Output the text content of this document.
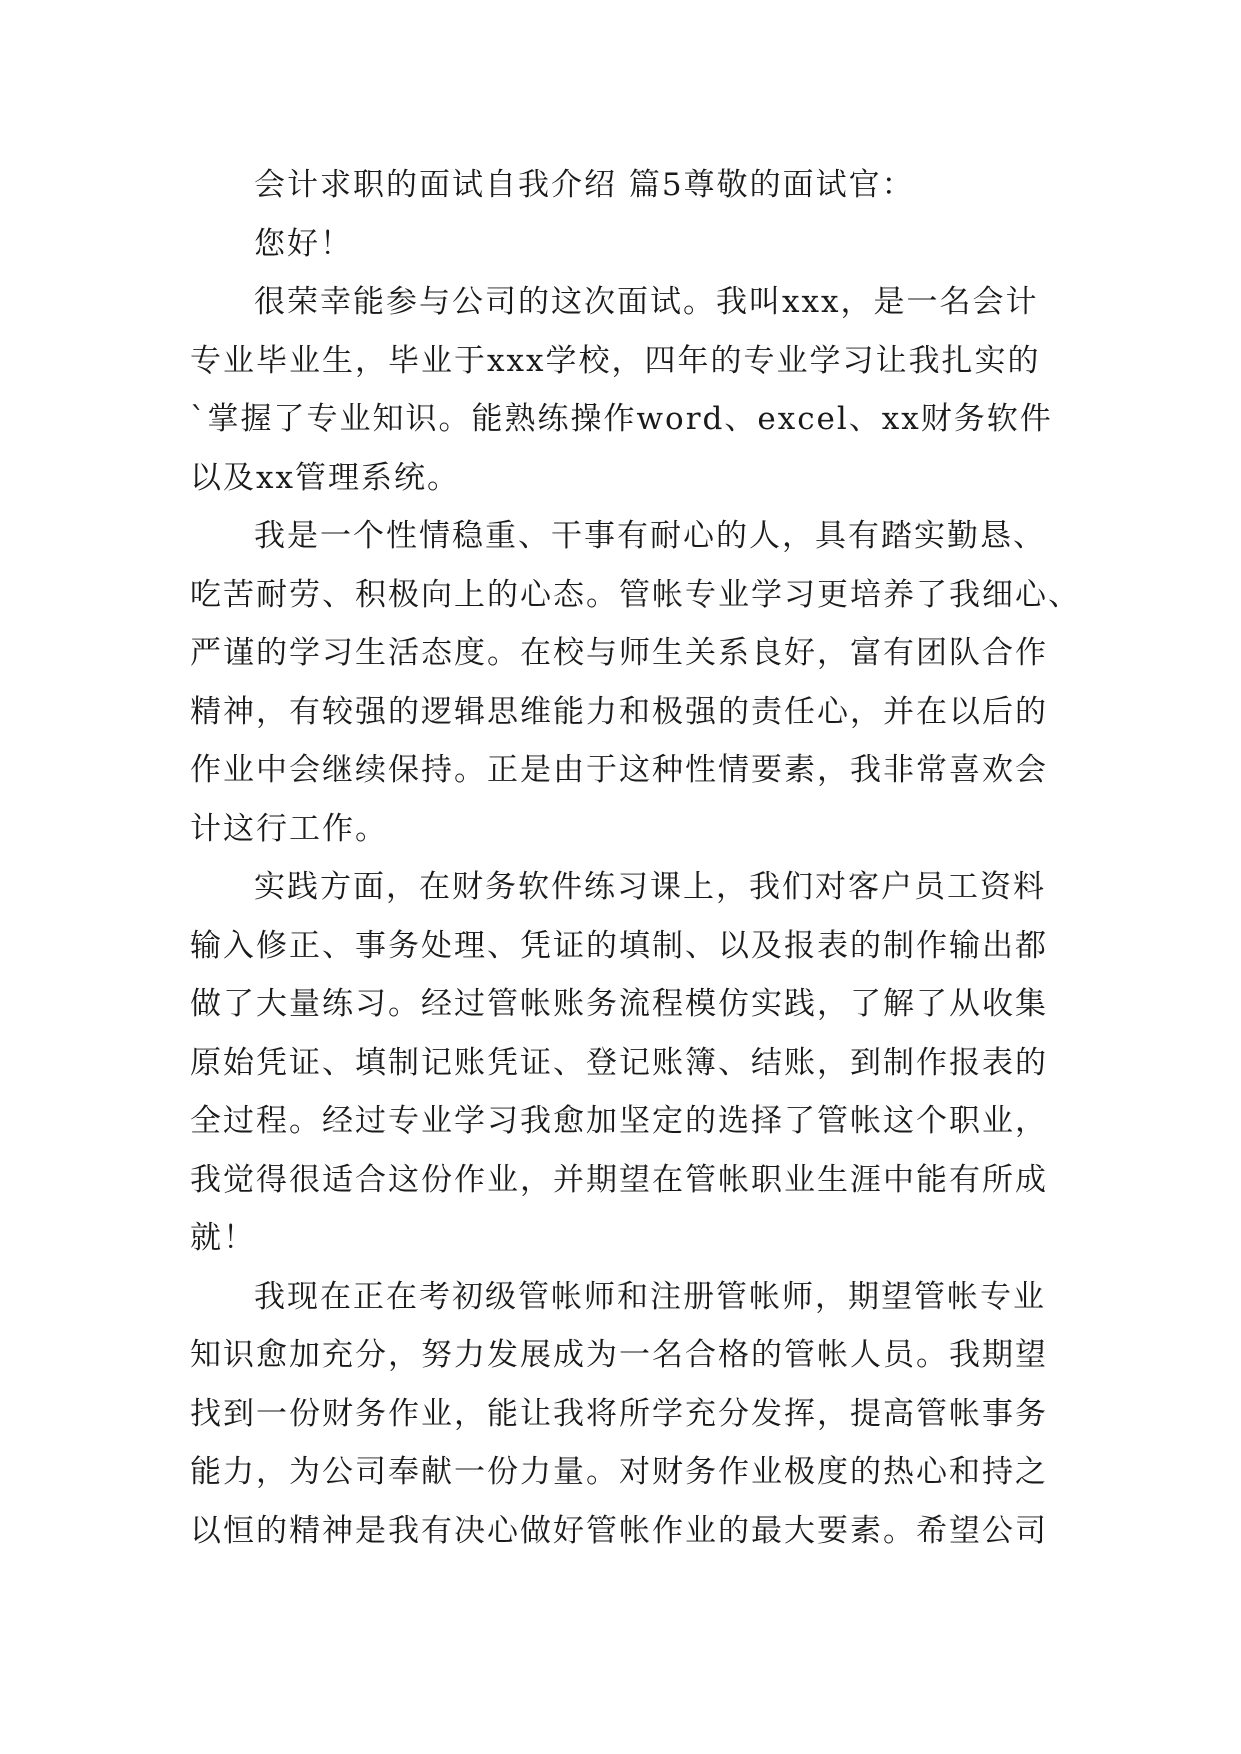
会计求职的面试自我介绍 篇5尊敬的面试官：
您好！
很荣幸能参与公司的这次面试。我叫xxx，是一名会计
专业毕业生，毕业于xxx学校，四年的专业学习让我扎实的
`掌握了专业知识。能熟练操作word、excel、xx财务软件
以及xx管理系统。
我是一个性情稳重、干事有耐心的人，具有踏实勤恳、
吃苦耐劳、积极向上的心态。管帐专业学习更培养了我细心、
严谨的学习生活态度。在校与师生关系良好，富有团队合作
精神，有较强的逻辑思维能力和极强的责任心，并在以后的
作业中会继续保持。正是由于这种性情要素，我非常喜欢会
计这行工作。
实践方面，在财务软件练习课上，我们对客户员工资料
输入修正、事务处理、凭证的填制、以及报表的制作输出都
做了大量练习。经过管帐账务流程模仿实践，了解了从收集
原始凭证、填制记账凭证、登记账簿、结账，到制作报表的
全过程。经过专业学习我愈加坚定的选择了管帐这个职业，
我觉得很适合这份作业，并期望在管帐职业生涯中能有所成
就！
我现在正在考初级管帐师和注册管帐师，期望管帐专业
知识愈加充分，努力发展成为一名合格的管帐人员。我期望
找到一份财务作业，能让我将所学充分发挥，提高管帐事务
能力，为公司奉献一份力量。对财务作业极度的热心和持之
以恒的精神是我有决心做好管帐作业的最大要素。希望公司
